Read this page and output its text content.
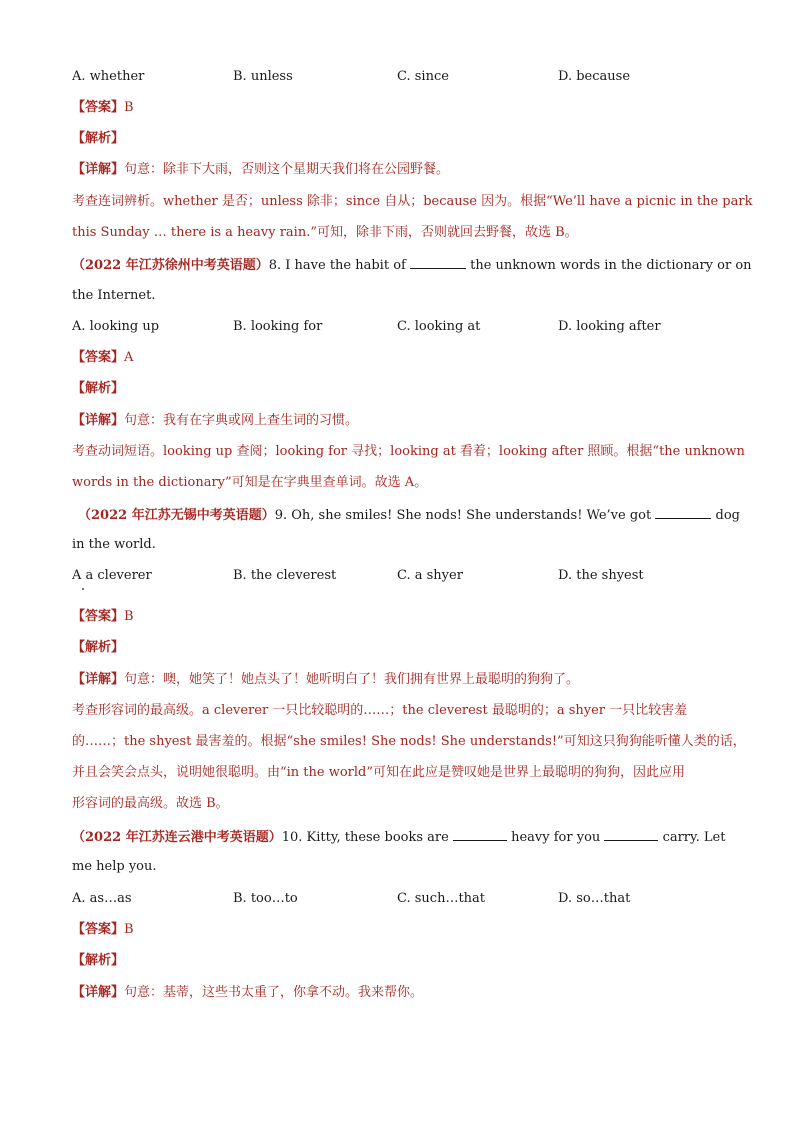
A. whether	B. unless	C. since	D. because
【答案】B
【解析】
【详解】句意：除非下大雨，否则这个星期天我们将在公园野餐。
考查连词辨析。whether 是否；unless 除非；since 自从；because 因为。根据“We’ll have a picnic in the park
this Sunday … there is a heavy rain.”可知，除非下雨，否则就回去野餐，故选 B。
（2022 年江苏徐州中考英语题）8. I have the habit of	the unknown words in the dictionary or on
the Internet.
A. looking up	B. looking for	C. looking at	D. looking after
【答案】A
【解析】
【详解】句意：我有在字典或网上查生词的习惯。
考查动词短语。looking up 查阅；looking for 寻找；looking at 看着；looking after 照顾。根据“the unknown
words in the dictionary”可知是在字典里查单词。故选 A。
（2022 年江苏无锡中考英语题）9. Oh, she smiles! She nods! She understands! We’ve got	dog
in the world.
A a cleverer	B. the cleverest	C. a shyer	D. the shyest
【答案】B
【解析】
【详解】句意：噢，她笑了！她点头了！她听明白了！我们拥有世界上最聪明的狗狗了。
考查形容词的最高级。a cleverer 一只比较聪明的……；the cleverest 最聪明的；a shyer 一只比较害羞
的……；the shyest 最害羞的。根据“she smiles! She nods! She understands!”可知这只狗狗能听懂人类的话，
并且会笑会点头，说明她很聪明。由“in the world”可知在此应是赞叹她是世界上最聪明的狗狗，因此应用
形容词的最高级。故选 B。
（2022 年江苏连云港中考英语题）10. Kitty, these books are	heavy for you	carry. Let
me help you.
A. as…as	B. too…to	C. such…that	D. so…that
【答案】B
【解析】
【详解】句意：基蒂，这些书太重了，你拿不动。我来帮你。
